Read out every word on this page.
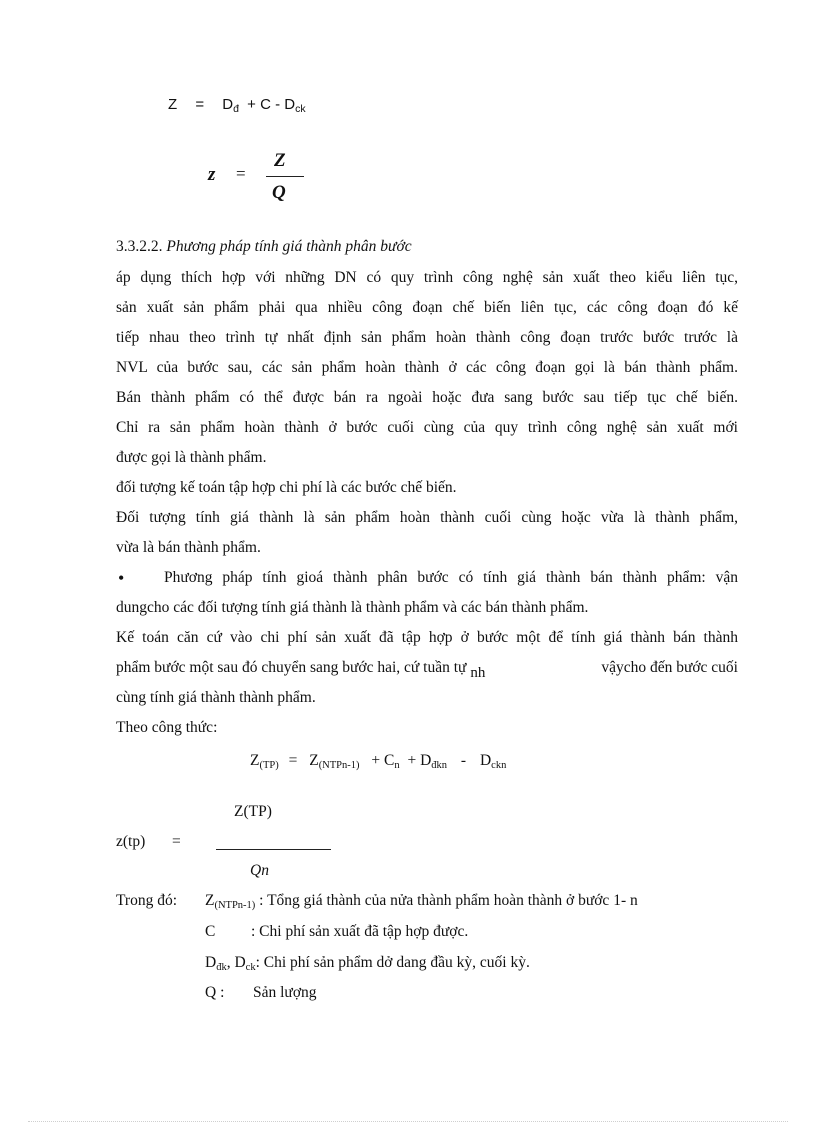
$Z = D_đ + C - D_{ck}$
z =
Z
Q
3.3.2.2. Phương pháp tính giá thành phân bước
áp dụng thích hợp với những DN có quy trình công nghệ sản xuất theo kiểu liên tục,
sản xuất sản phẩm phải qua nhiều công đoạn chế biến liên tục, các công đoạn đó kế
tiếp nhau theo trình tự nhất định sản phẩm hoàn thành công đoạn trước bước trước là
NVL của bước sau, các sản phẩm hoàn thành ở các công đoạn gọi là bán thành phẩm.
Bán thành phẩm có thể được bán ra ngoài hoặc đưa sang bước sau tiếp tục chế biến.
Chỉ ra sản phẩm hoàn thành ở bước cuối cùng của quy trình công nghệ sản xuất mới
được gọi là thành phẩm.
đối tượng kế toán tập hợp chi phí là các bước chế biến.
Đối tượng tính giá thành là sản phẩm hoàn thành cuối cùng hoặc vừa là thành phẩm,
vừa là bán thành phẩm.
•	Phương pháp tính gioá thành phân bước có tính giá thành bán thành phẩm: vận
dungcho các đối tượng tính giá thành là thành phẩm và các bán thành phẩm.
Kế toán căn cứ vào chi phí sản xuất đã tập hợp ở bước một để tính giá thành bán thành
phẩm bước một sau đó chuyển sang bước hai, cứ tuần tự $_{nh}$	vậycho đến bước cuối
cùng tính giá thành thành phẩm.
Theo công thức:
$Z_{(TP)} = Z_{(NTPn-1)} + C_n + D_{đkn} - D_{ckn}$
Z(TP)
z(tp) =
Qn
Trong đó: $Z_{(NTPn-1)}$ : Tổng giá thành của nửa thành phẩm hoàn thành ở bước 1- n
C : Chi phí sản xuất đã tập hợp được.
$D_{đk}$, $D_{ck}$: Chi phí sản phẩm dở dang đầu kỳ, cuối kỳ.
Q : Sản lượng
